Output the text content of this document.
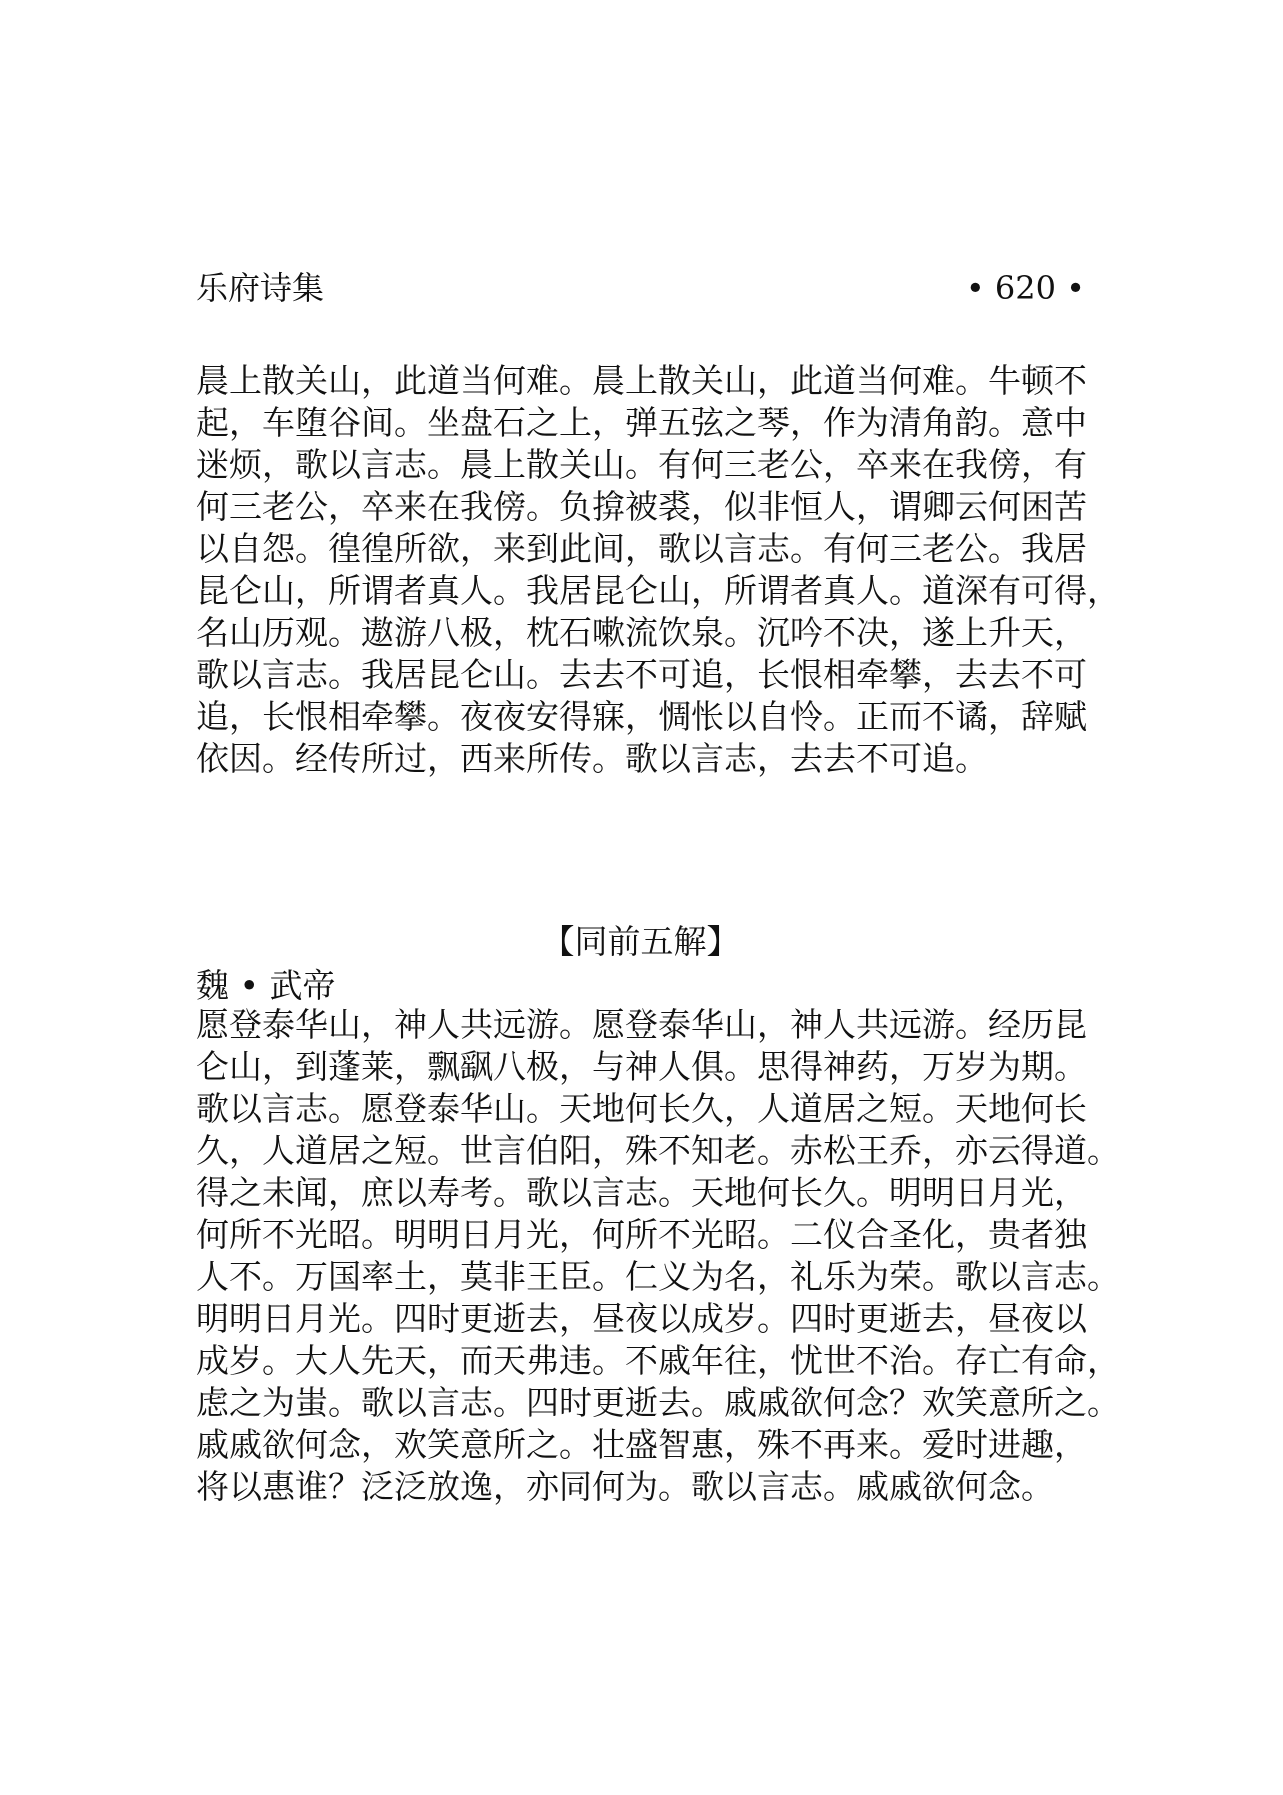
乐府诗集	• 620 •
晨上散关山，此道当何难。晨上散关山，此道当何难。牛顿不
起，车堕谷间。坐盘石之上，弹五弦之琴，作为清角韵。意中
迷烦，歌以言志。晨上散关山。有何三老公，卒来在我傍，有
何三老公，卒来在我傍。负揜被裘，似非恒人，谓卿云何困苦
以自怨。徨徨所欲，来到此间，歌以言志。有何三老公。我居
昆仑山，所谓者真人。我居昆仑山，所谓者真人。道深有可得，
名山历观。遨游八极，枕石嗽流饮泉。沉吟不决，遂上升天，
歌以言志。我居昆仑山。去去不可追，长恨相牵攀，去去不可
追，长恨相牵攀。夜夜安得寐，惆怅以自怜。正而不谲，辞赋
依因。经传所过，西来所传。歌以言志，去去不可追。
【同前五解】
魏 • 武帝
愿登泰华山，神人共远游。愿登泰华山，神人共远游。经历昆
仑山，到蓬莱，飘飖八极，与神人俱。思得神药，万岁为期。
歌以言志。愿登泰华山。天地何长久，人道居之短。天地何长
久，人道居之短。世言伯阳，殊不知老。赤松王乔，亦云得道。
得之未闻，庶以寿考。歌以言志。天地何长久。明明日月光，
何所不光昭。明明日月光，何所不光昭。二仪合圣化，贵者独
人不。万国率土，莫非王臣。仁义为名，礼乐为荣。歌以言志。
明明日月光。四时更逝去，昼夜以成岁。四时更逝去，昼夜以
成岁。大人先天，而天弗违。不戚年往，忧世不治。存亡有命，
虑之为蚩。歌以言志。四时更逝去。戚戚欲何念？欢笑意所之。
戚戚欲何念，欢笑意所之。壮盛智惠，殊不再来。爱时进趣，
将以惠谁？泛泛放逸，亦同何为。歌以言志。戚戚欲何念。
